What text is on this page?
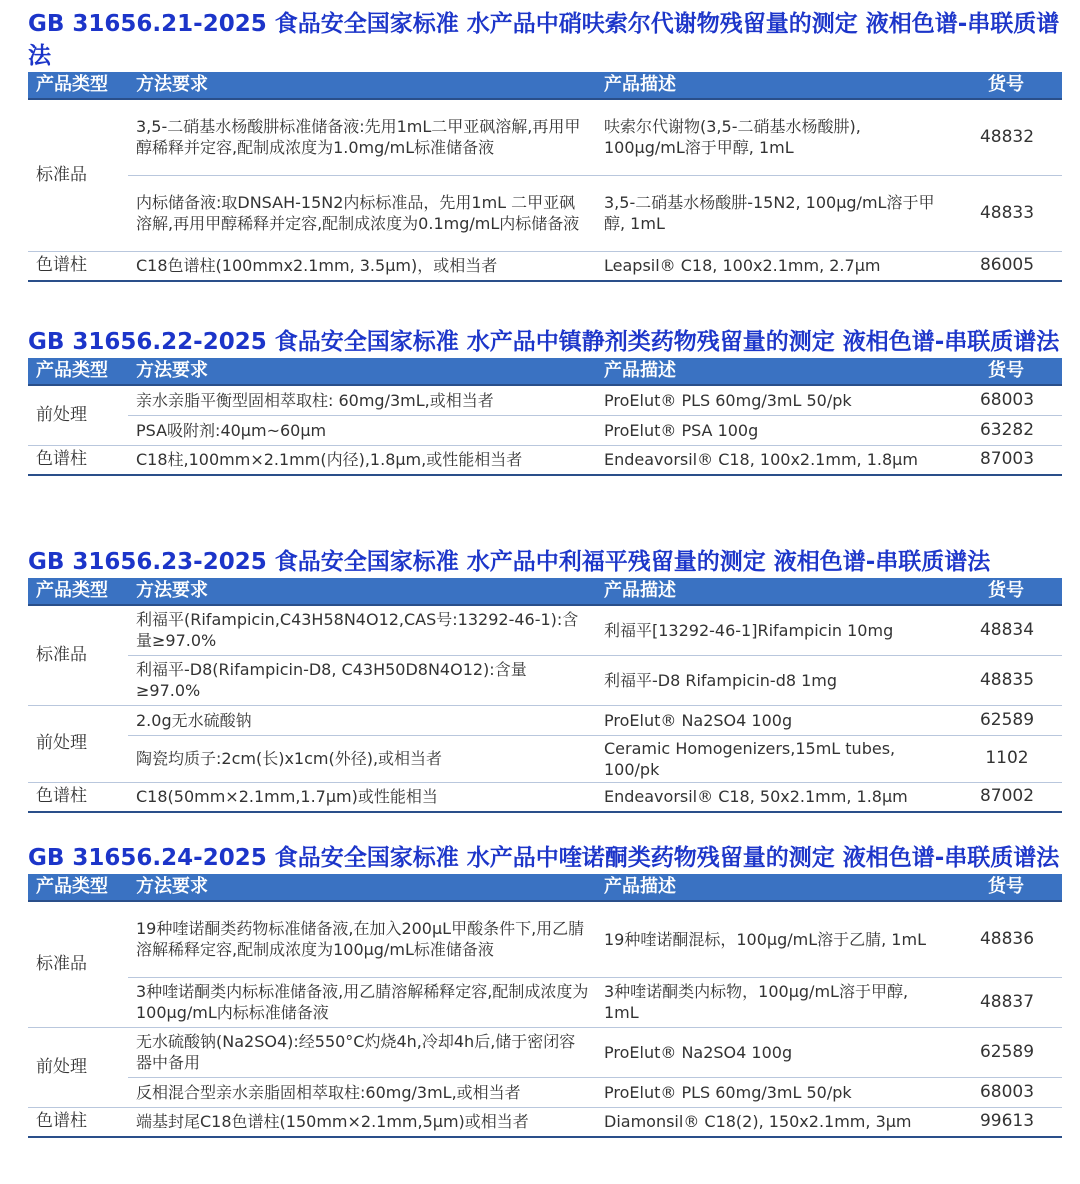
GB 31656.21-2025 食品安全国家标准 水产品中硝呋索尔代谢物残留量的测定 液相色谱-串联质谱法
产品类型	方法要求	产品描述	货号
标准品	3,5-二硝基水杨酸肼标准储备液:先用1mL二甲亚砜溶解,再用甲醇稀释并定容,配制成浓度为1.0mg/mL标准储备液	呋索尔代谢物(3,5-二硝基水杨酸肼), 100μg/mL溶于甲醇, 1mL	48832
	内标储备液:取DNSAH-15N2内标标准品，先用1mL 二甲亚砜溶解,再用甲醇稀释并定容,配制成浓度为0.1mg/mL内标储备液	3,5-二硝基水杨酸肼-15N2, 100μg/mL溶于甲醇, 1mL	48833
色谱柱	C18色谱柱(100mmx2.1mm, 3.5μm)，或相当者	Leapsil® C18, 100x2.1mm, 2.7μm	86005
GB 31656.22-2025 食品安全国家标准 水产品中镇静剂类药物残留量的测定 液相色谱-串联质谱法
产品类型	方法要求	产品描述	货号
前处理	亲水亲脂平衡型固相萃取柱: 60mg/3mL,或相当者	ProElut® PLS 60mg/3mL 50/pk	68003
	PSA吸附剂:40μm~60μm	ProElut® PSA 100g	63282
色谱柱	C18柱,100mm×2.1mm(内径),1.8μm,或性能相当者	Endeavorsil® C18, 100x2.1mm, 1.8μm	87003
GB 31656.23-2025 食品安全国家标准 水产品中利福平残留量的测定 液相色谱-串联质谱法
产品类型	方法要求	产品描述	货号
标准品	利福平(Rifampicin,C43H58N4O12,CAS号:13292-46-1):含量≥97.0%	利福平[13292-46-1]Rifampicin 10mg	48834
	利福平-D8(Rifampicin-D8, C43H50D8N4O12):含量≥97.0%	利福平-D8 Rifampicin-d8 1mg	48835
前处理	2.0g无水硫酸钠	ProElut® Na2SO4 100g	62589
	陶瓷均质子:2cm(长)x1cm(外径),或相当者	Ceramic Homogenizers,15mL tubes, 100/pk	1102
色谱柱	C18(50mm×2.1mm,1.7μm)或性能相当	Endeavorsil® C18, 50x2.1mm, 1.8μm	87002
GB 31656.24-2025 食品安全国家标准 水产品中喹诺酮类药物残留量的测定 液相色谱-串联质谱法
产品类型	方法要求	产品描述	货号
标准品	19种喹诺酮类药物标准储备液,在加入200μL甲酸条件下,用乙腈溶解稀释定容,配制成浓度为100μg/mL标准储备液	19种喹诺酮混标，100μg/mL溶于乙腈, 1mL	48836
	3种喹诺酮类内标标准储备液,用乙腈溶解稀释定容,配制成浓度为100μg/mL内标标准储备液	3种喹诺酮类内标物，100μg/mL溶于甲醇, 1mL	48837
前处理	无水硫酸钠(Na2SO4):经550°C灼烧4h,冷却4h后,储于密闭容器中备用	ProElut® Na2SO4 100g	62589
	反相混合型亲水亲脂固相萃取柱:60mg/3mL,或相当者	ProElut® PLS 60mg/3mL 50/pk	68003
色谱柱	端基封尾C18色谱柱(150mm×2.1mm,5μm)或相当者	Diamonsil® C18(2), 150x2.1mm, 3μm	99613
